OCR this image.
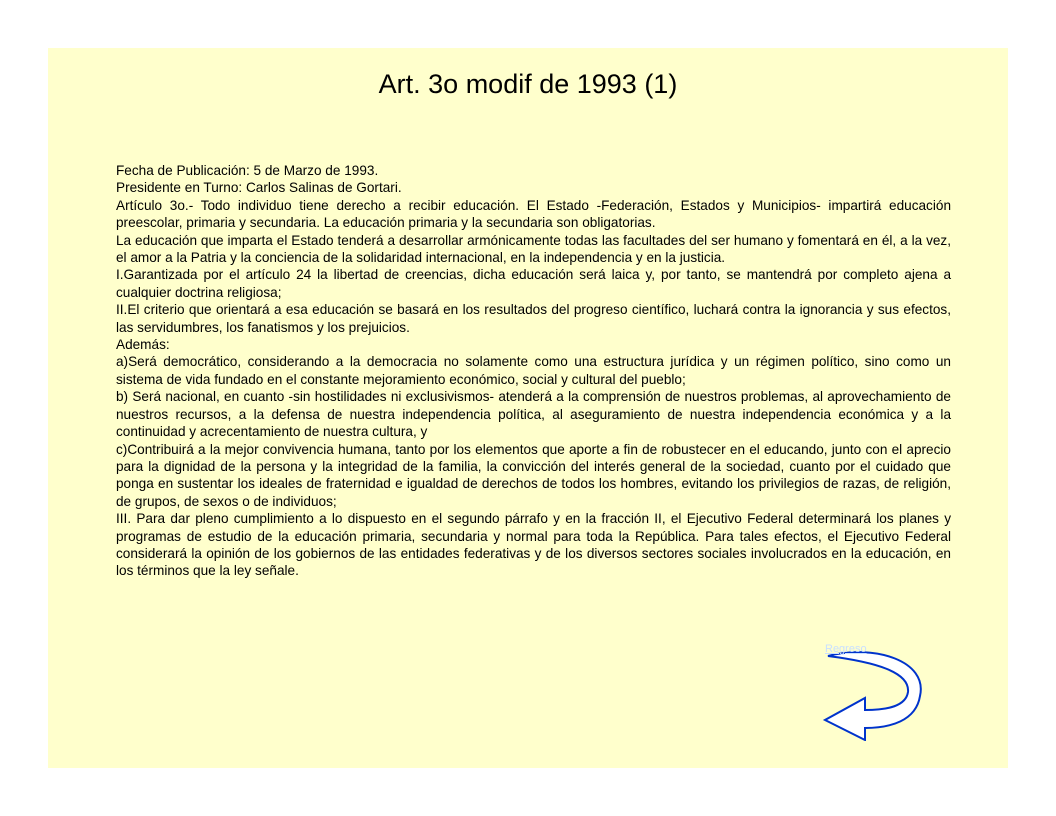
Art. 3o modif de 1993 (1)

Fecha de Publicación: 5 de Marzo de 1993.

Presidente en Turno: Carlos Salinas de Gortari.

Artículo 3o.- Todo individuo tiene derecho a recibir educación. El Estado -Federación, Estados y Municipios- impartirá educación preescolar, primaria y secundaria. La educación primaria y la secundaria son obligatorias.

La educación que imparta el Estado tenderá a desarrollar armónicamente todas las facultades del ser humano y fomentará en él, a la vez, el amor a la Patria y la conciencia de la solidaridad internacional, en la independencia y en la justicia.

I.Garantizada por el artículo 24 la libertad de creencias, dicha educación será laica y, por tanto, se mantendrá por completo ajena a cualquier doctrina religiosa;

II.El criterio que orientará a esa educación se basará en los resultados del progreso científico, luchará contra la ignorancia y sus efectos, las servidumbres, los fanatismos y los prejuicios.

Además:

a)Será democrático, considerando a la democracia no solamente como una estructura jurídica y un régimen político, sino como un sistema de vida fundado en el constante mejoramiento económico, social y cultural del pueblo;

b) Será nacional, en cuanto -sin hostilidades ni exclusivismos- atenderá a la comprensión de nuestros problemas, al aprovechamiento de nuestros recursos, a la defensa de nuestra independencia política, al aseguramiento de nuestra independencia económica y a la continuidad y acrecentamiento de nuestra cultura, y

c)Contribuirá a la mejor convivencia humana, tanto por los elementos que aporte a fin de robustecer en el educando, junto con el aprecio para la dignidad de la persona y la integridad de la familia, la convicción del interés general de la sociedad, cuanto por el cuidado que ponga en sustentar los ideales de fraternidad e igualdad de derechos de todos los hombres, evitando los privilegios de razas, de religión, de grupos, de sexos o de individuos;

III. Para dar pleno cumplimiento a lo dispuesto en el segundo párrafo y en la fracción II, el Ejecutivo Federal determinará los planes y programas de estudio de la educación primaria, secundaria y normal para toda la República. Para tales efectos, el Ejecutivo Federal considerará la opinión de los gobiernos de las entidades federativas y de los diversos sectores sociales involucrados en la educación, en los términos que la ley señale.

Regreso
